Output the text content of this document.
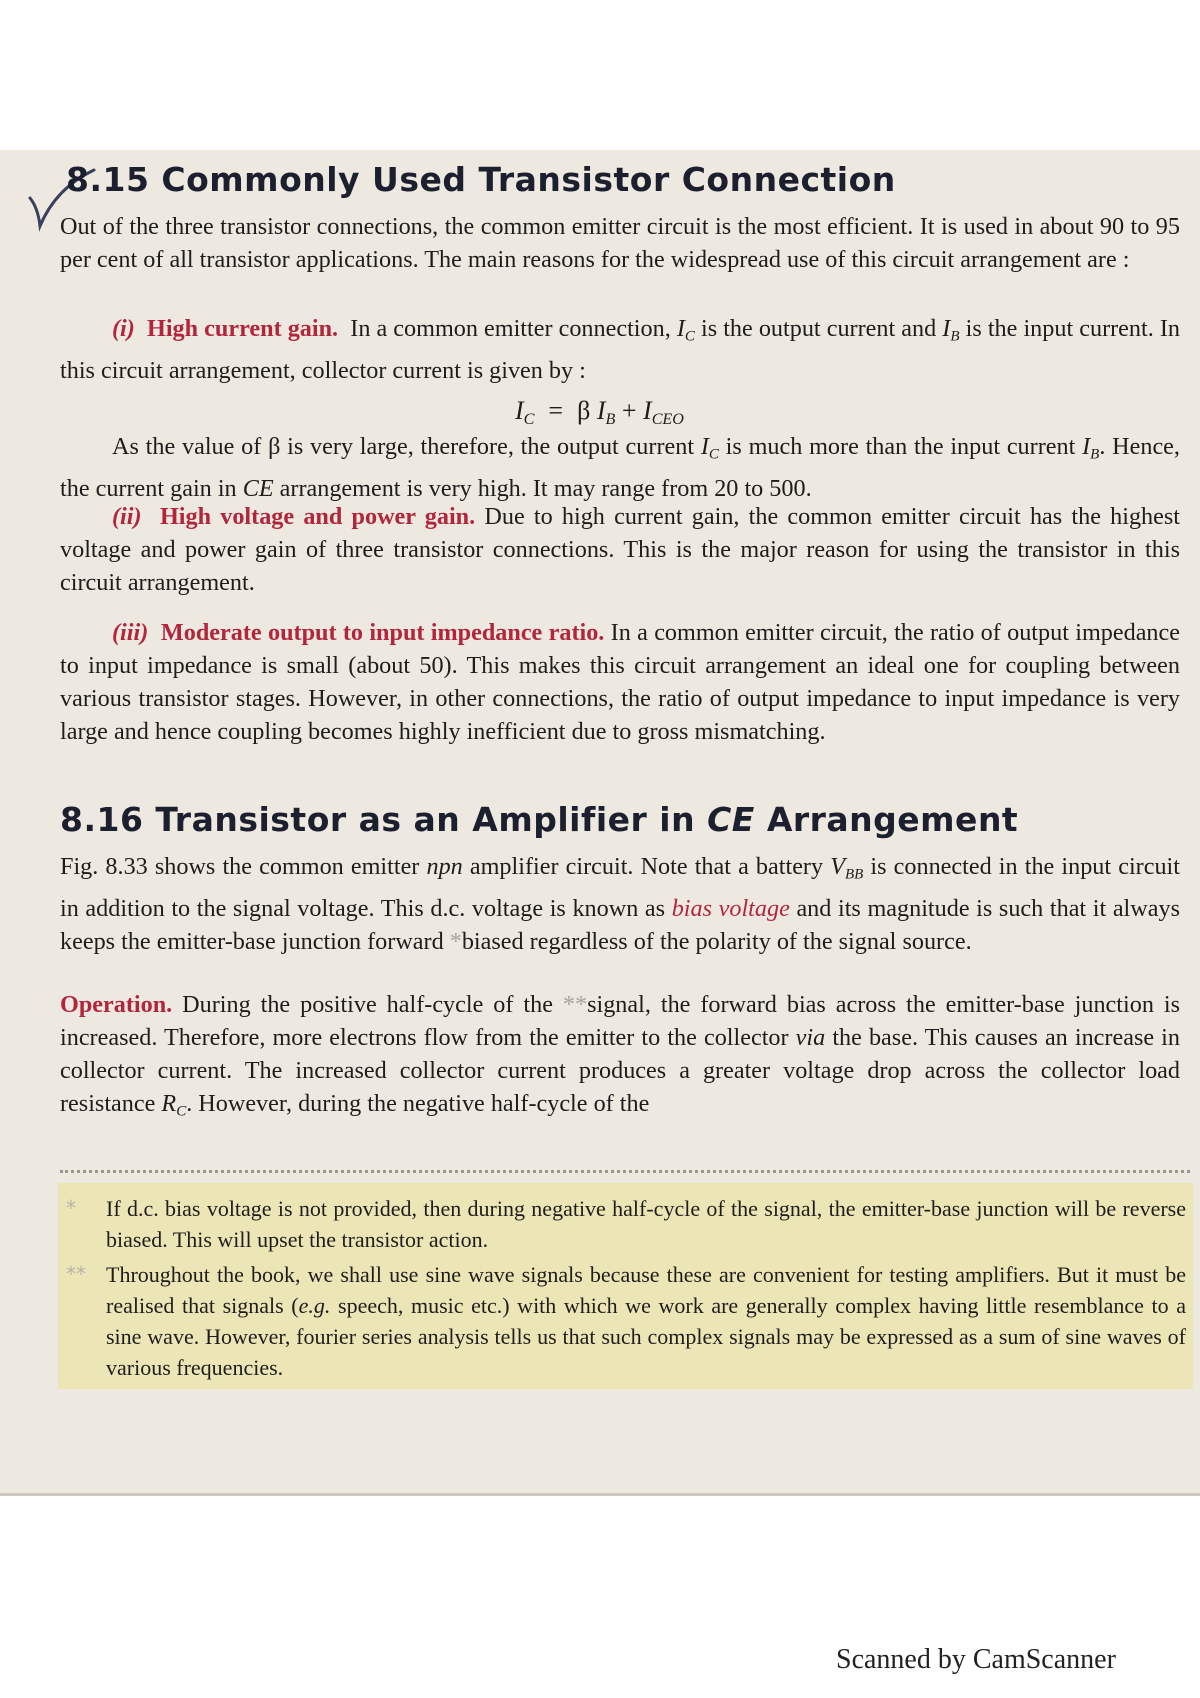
8.15 Commonly Used Transistor Connection

Out of the three transistor connections, the common emitter circuit is the most efficient. It is used in about 90 to 95 per cent of all transistor applications. The main reasons for the widespread use of this circuit arrangement are :

(i) High current gain. In a common emitter connection, $I_C$ is the output current and $I_B$ is the input current. In this circuit arrangement, collector current is given by :

$I_C = \beta$ $I_B + I_{CEO}$

As the value of β is very large, therefore, the output current $I_C$ is much more than the input current $I_B$. Hence, the current gain in CE arrangement is very high. It may range from 20 to 500.

(ii) High voltage and power gain. Due to high current gain, the common emitter circuit has the highest voltage and power gain of three transistor connections. This is the major reason for using the transistor in this circuit arrangement.

(iii) Moderate output to input impedance ratio. In a common emitter circuit, the ratio of output impedance to input impedance is small (about 50). This makes this circuit arrangement an ideal one for coupling between various transistor stages. However, in other connections, the ratio of output impedance to input impedance is very large and hence coupling becomes highly inefficient due to gross mismatching.

8.16 Transistor as an Amplifier in CE Arrangement

Fig. 8.33 shows the common emitter npn amplifier circuit. Note that a battery $V_{BB}$ is connected in the input circuit in addition to the signal voltage. This d.c. voltage is known as bias voltage and its magnitude is such that it always keeps the emitter-base junction forward *biased regardless of the polarity of the signal source.

Operation. During the positive half-cycle of the **signal, the forward bias across the emitter-base junction is increased. Therefore, more electrons flow from the emitter to the collector via the base. This causes an increase in collector current. The increased collector current produces a greater voltage drop across the collector load resistance $R_C$. However, during the negative half-cycle of the

* If d.c. bias voltage is not provided, then during negative half-cycle of the signal, the emitter-base junction will be reverse biased. This will upset the transistor action.

** Throughout the book, we shall use sine wave signals because these are convenient for testing amplifiers. But it must be realised that signals (e.g. speech, music etc.) with which we work are generally complex having little resemblance to a sine wave. However, fourier series analysis tells us that such complex signals may be expressed as a sum of sine waves of various frequencies.

Scanned by CamScanner
